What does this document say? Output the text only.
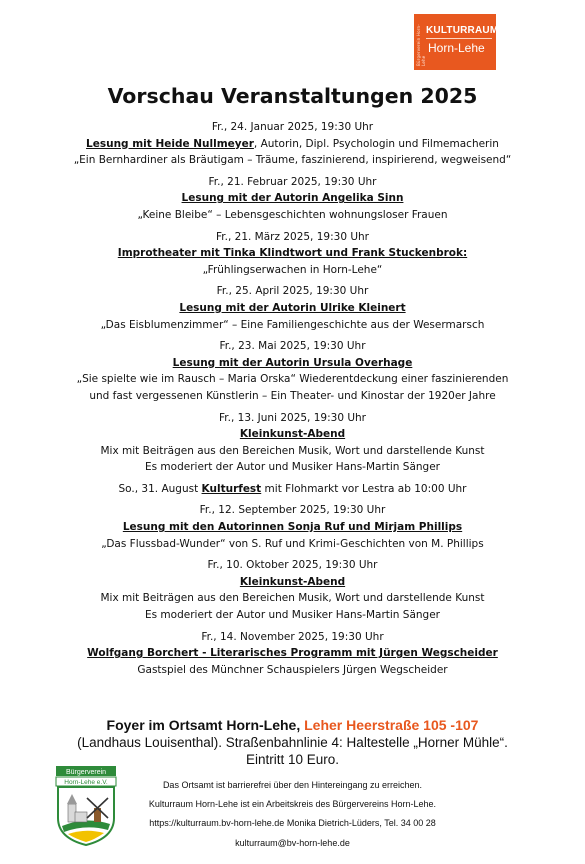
Bürgerverein Horn-Lehe
KULTURRAUM
Horn-Lehe
Vorschau Veranstaltungen 2025
Fr., 24. Januar 2025, 19:30 Uhr
Lesung mit Heide Nullmeyer, Autorin, Dipl. Psychologin und Filmemacherin
„Ein Bernhardiner als Bräutigam – Träume, faszinierend, inspirierend, wegweisend“
Fr., 21. Februar 2025, 19:30 Uhr
Lesung mit der Autorin Angelika Sinn
„Keine Bleibe“ – Lebensgeschichten wohnungsloser Frauen
Fr., 21. März 2025, 19:30 Uhr
Improtheater mit Tinka Klindtwort und Frank Stuckenbrok:
„Frühlingserwachen in Horn-Lehe“
Fr., 25. April 2025, 19:30 Uhr
Lesung mit der Autorin Ulrike Kleinert
„Das Eisblumenzimmer“ – Eine Familiengeschichte aus der Wesermarsch
Fr., 23. Mai 2025, 19:30 Uhr
Lesung mit der Autorin Ursula Overhage
„Sie spielte wie im Rausch – Maria Orska“ Wiederentdeckung einer faszinierenden
und fast vergessenen Künstlerin – Ein Theater- und Kinostar der 1920er Jahre
Fr., 13. Juni 2025, 19:30 Uhr
Kleinkunst-Abend
Mix mit Beiträgen aus den Bereichen Musik, Wort und darstellende Kunst
Es moderiert der Autor und Musiker Hans-Martin Sänger
So., 31. August Kulturfest mit Flohmarkt vor Lestra ab 10:00 Uhr
Fr., 12. September 2025, 19:30 Uhr
Lesung mit den Autorinnen Sonja Ruf und Mirjam Phillips
„Das Flussbad-Wunder“ von S. Ruf und Krimi-Geschichten von M. Phillips
Fr., 10. Oktober 2025, 19:30 Uhr
Kleinkunst-Abend
Mix mit Beiträgen aus den Bereichen Musik, Wort und darstellende Kunst
Es moderiert der Autor und Musiker Hans-Martin Sänger
Fr., 14. November 2025, 19:30 Uhr
Wolfgang Borchert - Literarisches Programm mit Jürgen Wegscheider
Gastspiel des Münchner Schauspielers Jürgen Wegscheider
Foyer im Ortsamt Horn-Lehe, Leher Heerstraße 105 -107
(Landhaus Louisenthal). Straßenbahnlinie 4: Haltestelle „Horner Mühle“.
Eintritt 10 Euro.
Das Ortsamt ist barrierefrei über den Hintereingang zu erreichen.
Kulturraum Horn-Lehe ist ein Arbeitskreis des Bürgervereins Horn-Lehe.
https://kulturraum.bv-horn-lehe.de Monika Dietrich-Lüders, Tel. 34 00 28
kulturraum@bv-horn-lehe.de
Bürgerverein
Horn-Lehe e.V.
